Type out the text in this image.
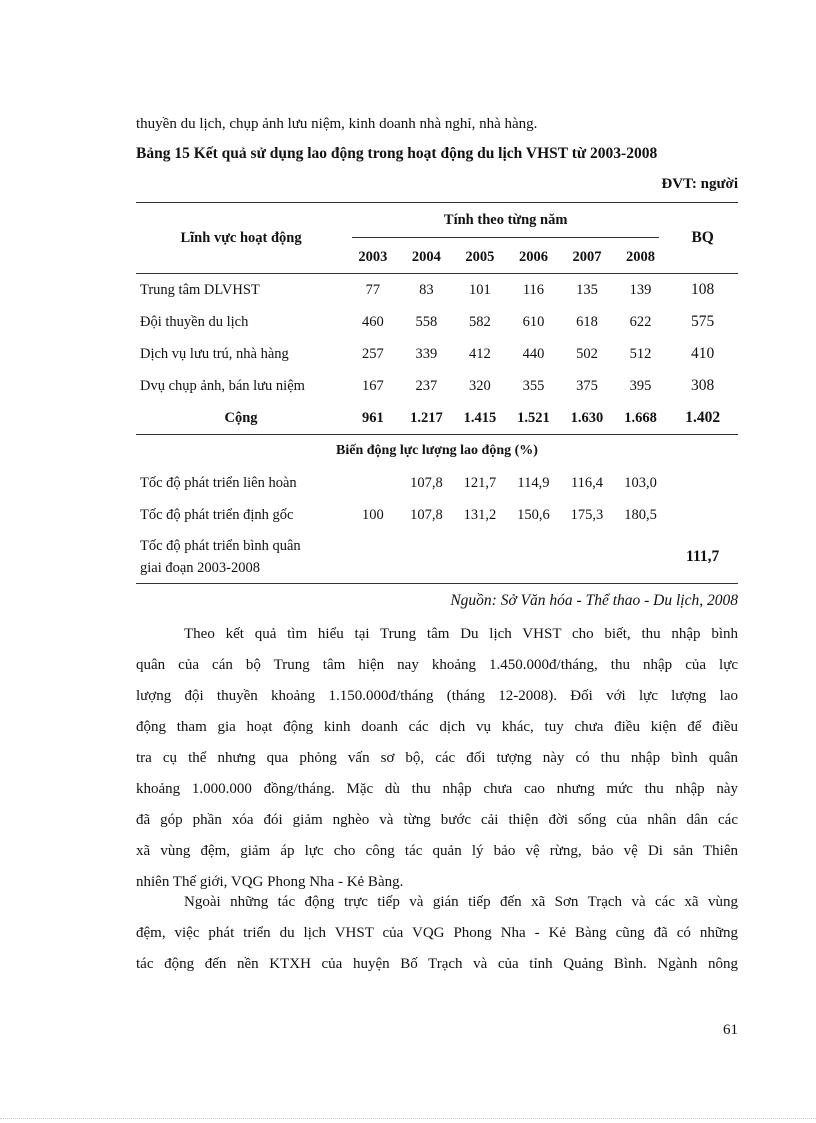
thuyền du lịch, chụp ảnh lưu niệm, kinh doanh nhà nghỉ, nhà hàng.
Bảng 15 Kết quả sử dụng lao động trong hoạt động du lịch VHST từ 2003-2008
ĐVT: người
Lĩnh vực hoạt động	Tính theo từng năm						BQ
	2003	2004	2005	2006	2007	2008	
Trung tâm DLVHST	77	83	101	116	135	139	108
Đội thuyền du lịch	460	558	582	610	618	622	575
Dịch vụ lưu trú, nhà hàng	257	339	412	440	502	512	410
Dvụ chụp ảnh, bán lưu niệm	167	237	320	355	375	395	308
Cộng	961	1.217	1.415	1.521	1.630	1.668	1.402
Biến động lực lượng lao động (%)							
Tốc độ phát triển liên hoàn		107,8	121,7	114,9	116,4	103,0	
Tốc độ phát triển định gốc	100	107,8	131,2	150,6	175,3	180,5	

Tốc độ phát triển bình quân
giai đoạn 2003-2008							111,7
Nguồn: Sở Văn hóa - Thể thao - Du lịch, 2008
Theo kết quả tìm hiểu tại Trung tâm Du lịch VHST cho biết, thu nhập bình
quân của cán bộ Trung tâm hiện nay khoảng 1.450.000đ/tháng, thu nhập của lực
lượng đội thuyền khoảng 1.150.000đ/tháng (tháng 12-2008). Đối với lực lượng lao
động tham gia hoạt động kinh doanh các dịch vụ khác, tuy chưa điều kiện để điều
tra cụ thể nhưng qua phỏng vấn sơ bộ, các đối tượng này có thu nhập bình quân
khoảng 1.000.000 đồng/tháng. Mặc dù thu nhập chưa cao nhưng mức thu nhập này
đã góp phần xóa đói giảm nghèo và từng bước cải thiện đời sống của nhân dân các
xã vùng đệm, giảm áp lực cho công tác quản lý bảo vệ rừng, bảo vệ Di sản Thiên
nhiên Thế giới, VQG Phong Nha - Kẻ Bàng.
Ngoài những tác động trực tiếp và gián tiếp đến xã Sơn Trạch và các xã vùng
đệm, việc phát triển du lịch VHST của VQG Phong Nha - Kẻ Bàng cũng đã có những
tác động đến nền KTXH của huyện Bố Trạch và của tỉnh Quảng Bình. Ngành nông
61
